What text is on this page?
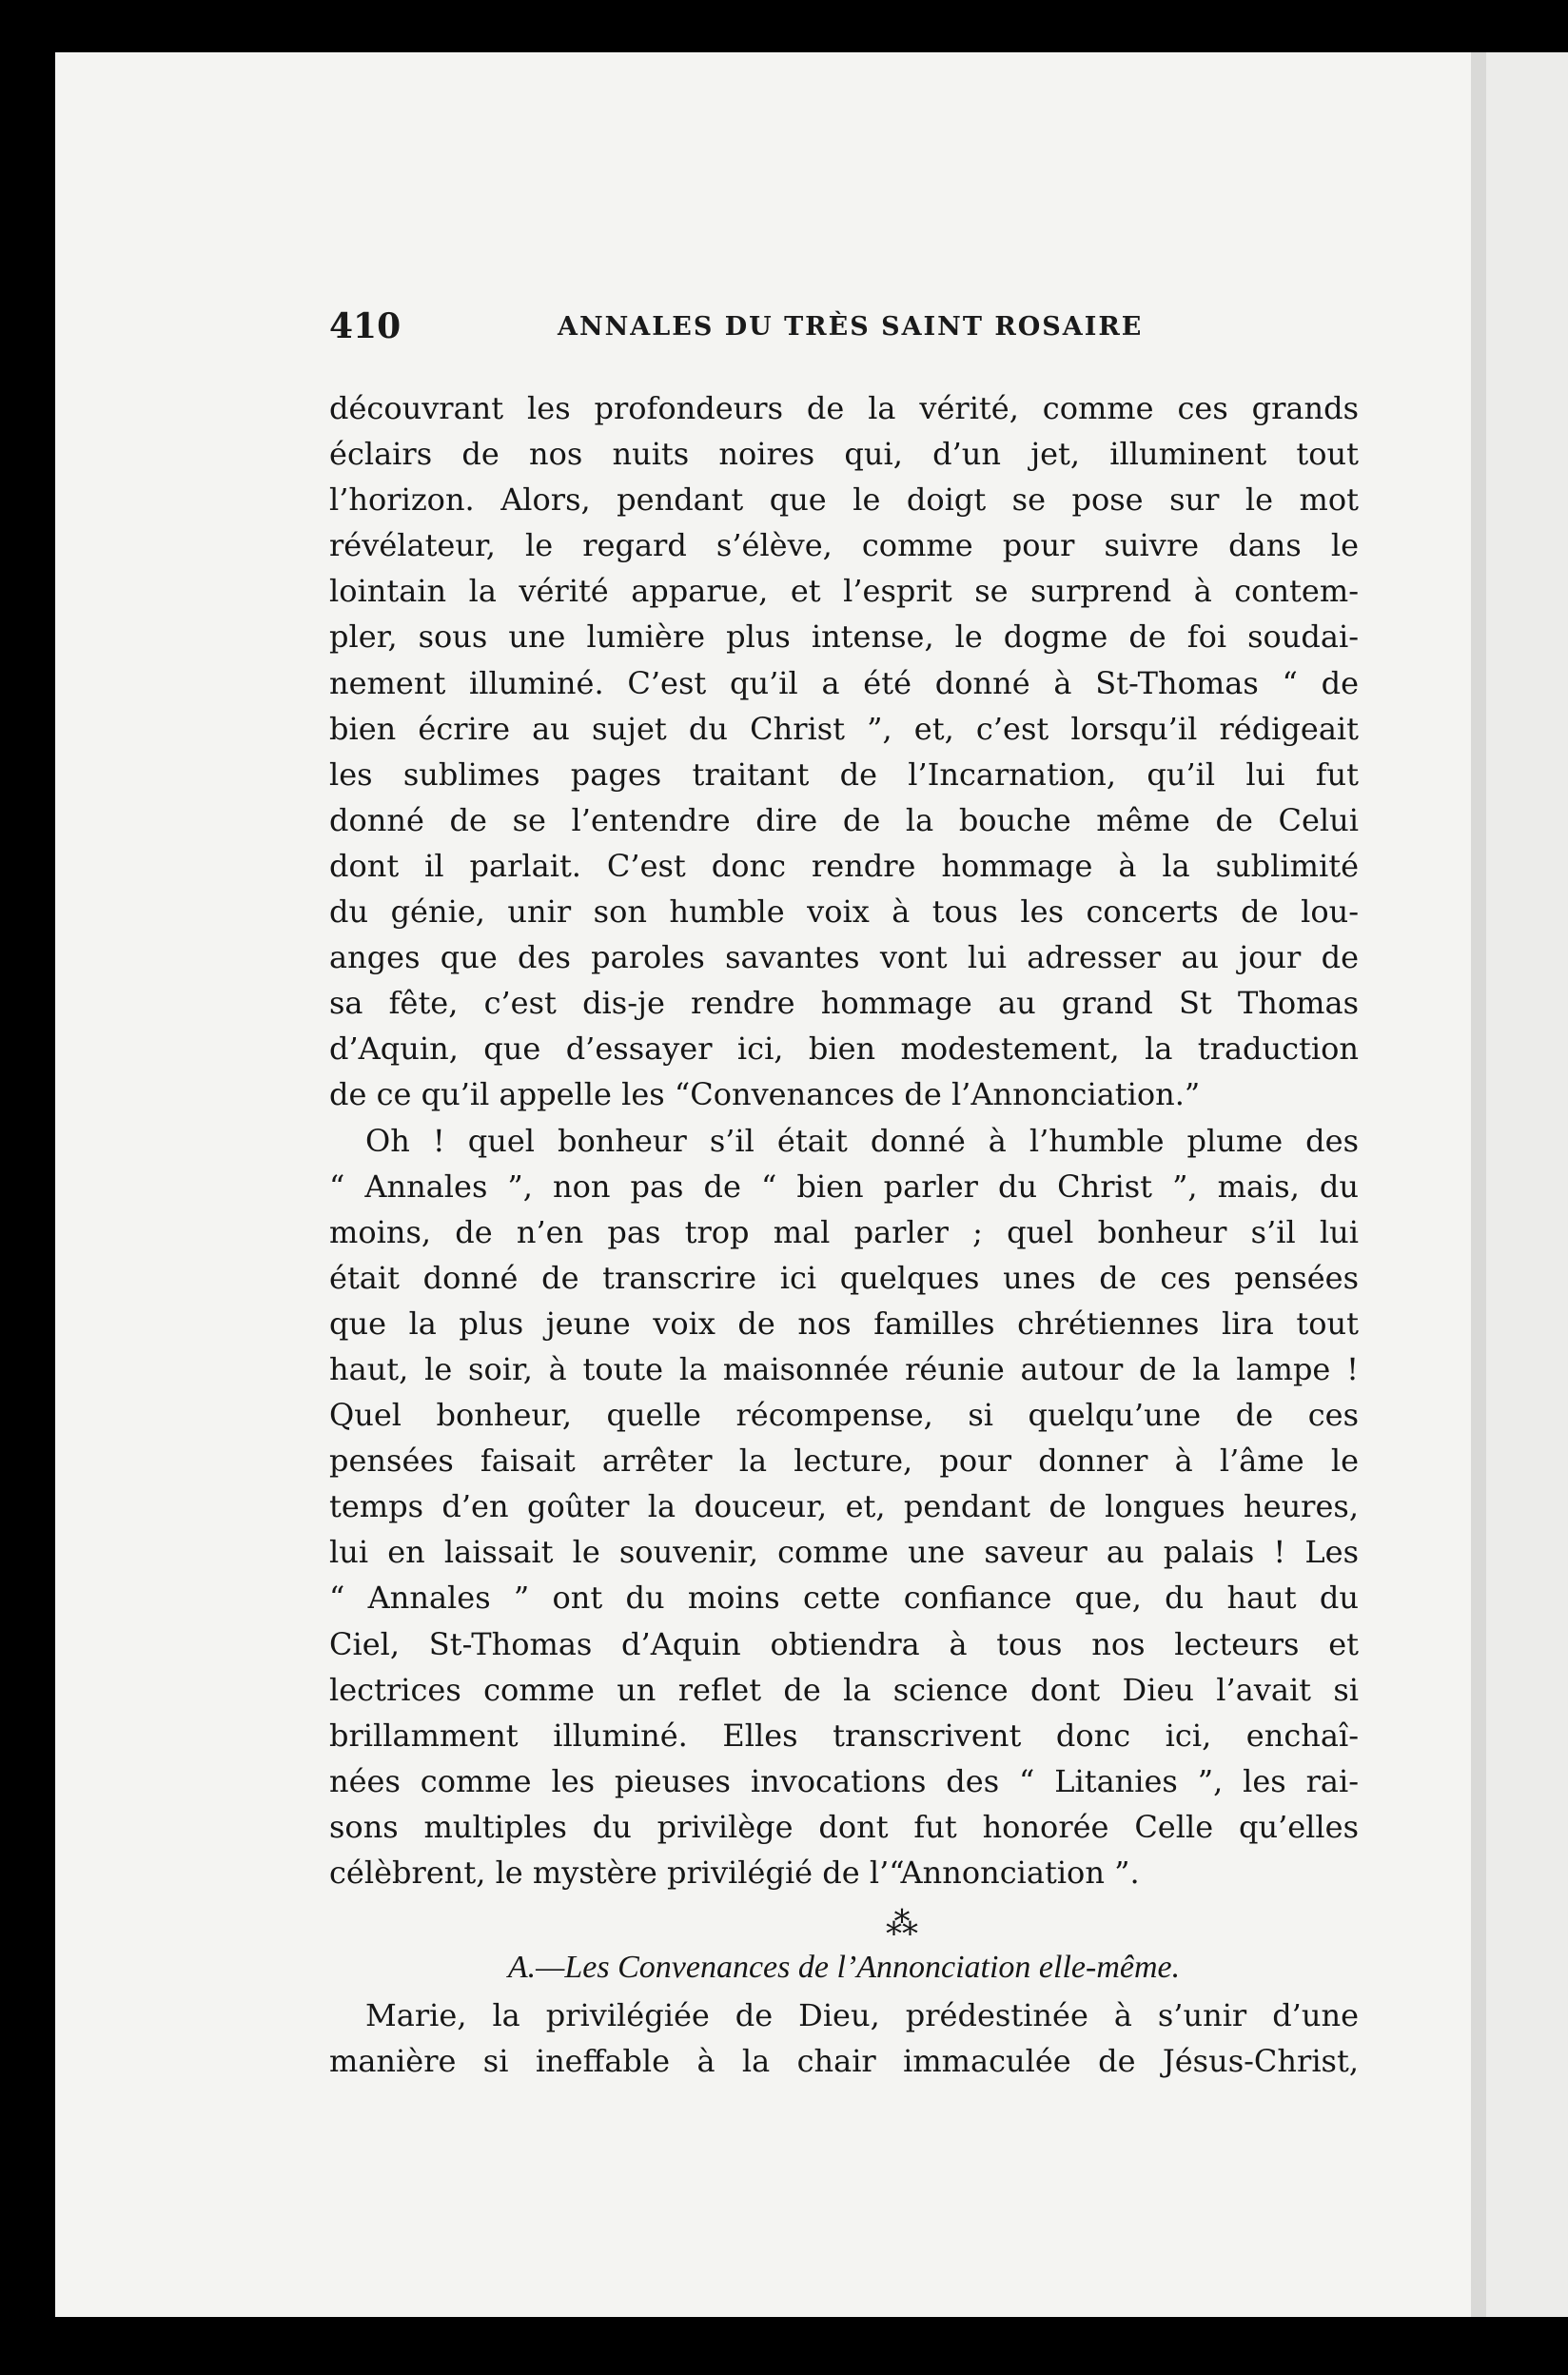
410	ANNALES DU TRÈS SAINT ROSAIRE
découvrant les profondeurs de la vérité, comme ces grands
éclairs de nos nuits noires qui, d’un jet, illuminent tout
l’horizon. Alors, pendant que le doigt se pose sur le mot
révélateur, le regard s’élève, comme pour suivre dans le
lointain la vérité apparue, et l’esprit se surprend à contem-
pler, sous une lumière plus intense, le dogme de foi soudai-
nement illuminé. C’est qu’il a été donné à St-Thomas “ de
bien écrire au sujet du Christ ”, et, c’est lorsqu’il rédigeait
les sublimes pages traitant de l’Incarnation, qu’il lui fut
donné de se l’entendre dire de la bouche même de Celui
dont il parlait. C’est donc rendre hommage à la sublimité
du génie, unir son humble voix à tous les concerts de lou-
anges que des paroles savantes vont lui adresser au jour de
sa fête, c’est dis-je rendre hommage au grand St Thomas
d’Aquin, que d’essayer ici, bien modestement, la traduction
de ce qu’il appelle les “Convenances de l’Annonciation.”
Oh ! quel bonheur s’il était donné à l’humble plume des
“ Annales ”, non pas de “ bien parler du Christ ”, mais, du
moins, de n’en pas trop mal parler ; quel bonheur s’il lui
était donné de transcrire ici quelques unes de ces pensées
que la plus jeune voix de nos familles chrétiennes lira tout
haut, le soir, à toute la maisonnée réunie autour de la lampe !
Quel bonheur, quelle récompense, si quelqu’une de ces
pensées faisait arrêter la lecture, pour donner à l’âme le
temps d’en goûter la douceur, et, pendant de longues heures,
lui en laissait le souvenir, comme une saveur au palais ! Les
“ Annales ” ont du moins cette confiance que, du haut du
Ciel, St-Thomas d’Aquin obtiendra à tous nos lecteurs et
lectrices comme un reflet de la science dont Dieu l’avait si
brillamment illuminé. Elles transcrivent donc ici, enchaî-
nées comme les pieuses invocations des “ Litanies ”, les rai-
sons multiples du privilège dont fut honorée Celle qu’elles
célèbrent, le mystère privilégié de l’“Annonciation ”.
⁂
A.—Les Convenances de l’Annonciation elle-même.
Marie, la privilégiée de Dieu, prédestinée à s’unir d’une
manière si ineffable à la chair immaculée de Jésus-Christ,
